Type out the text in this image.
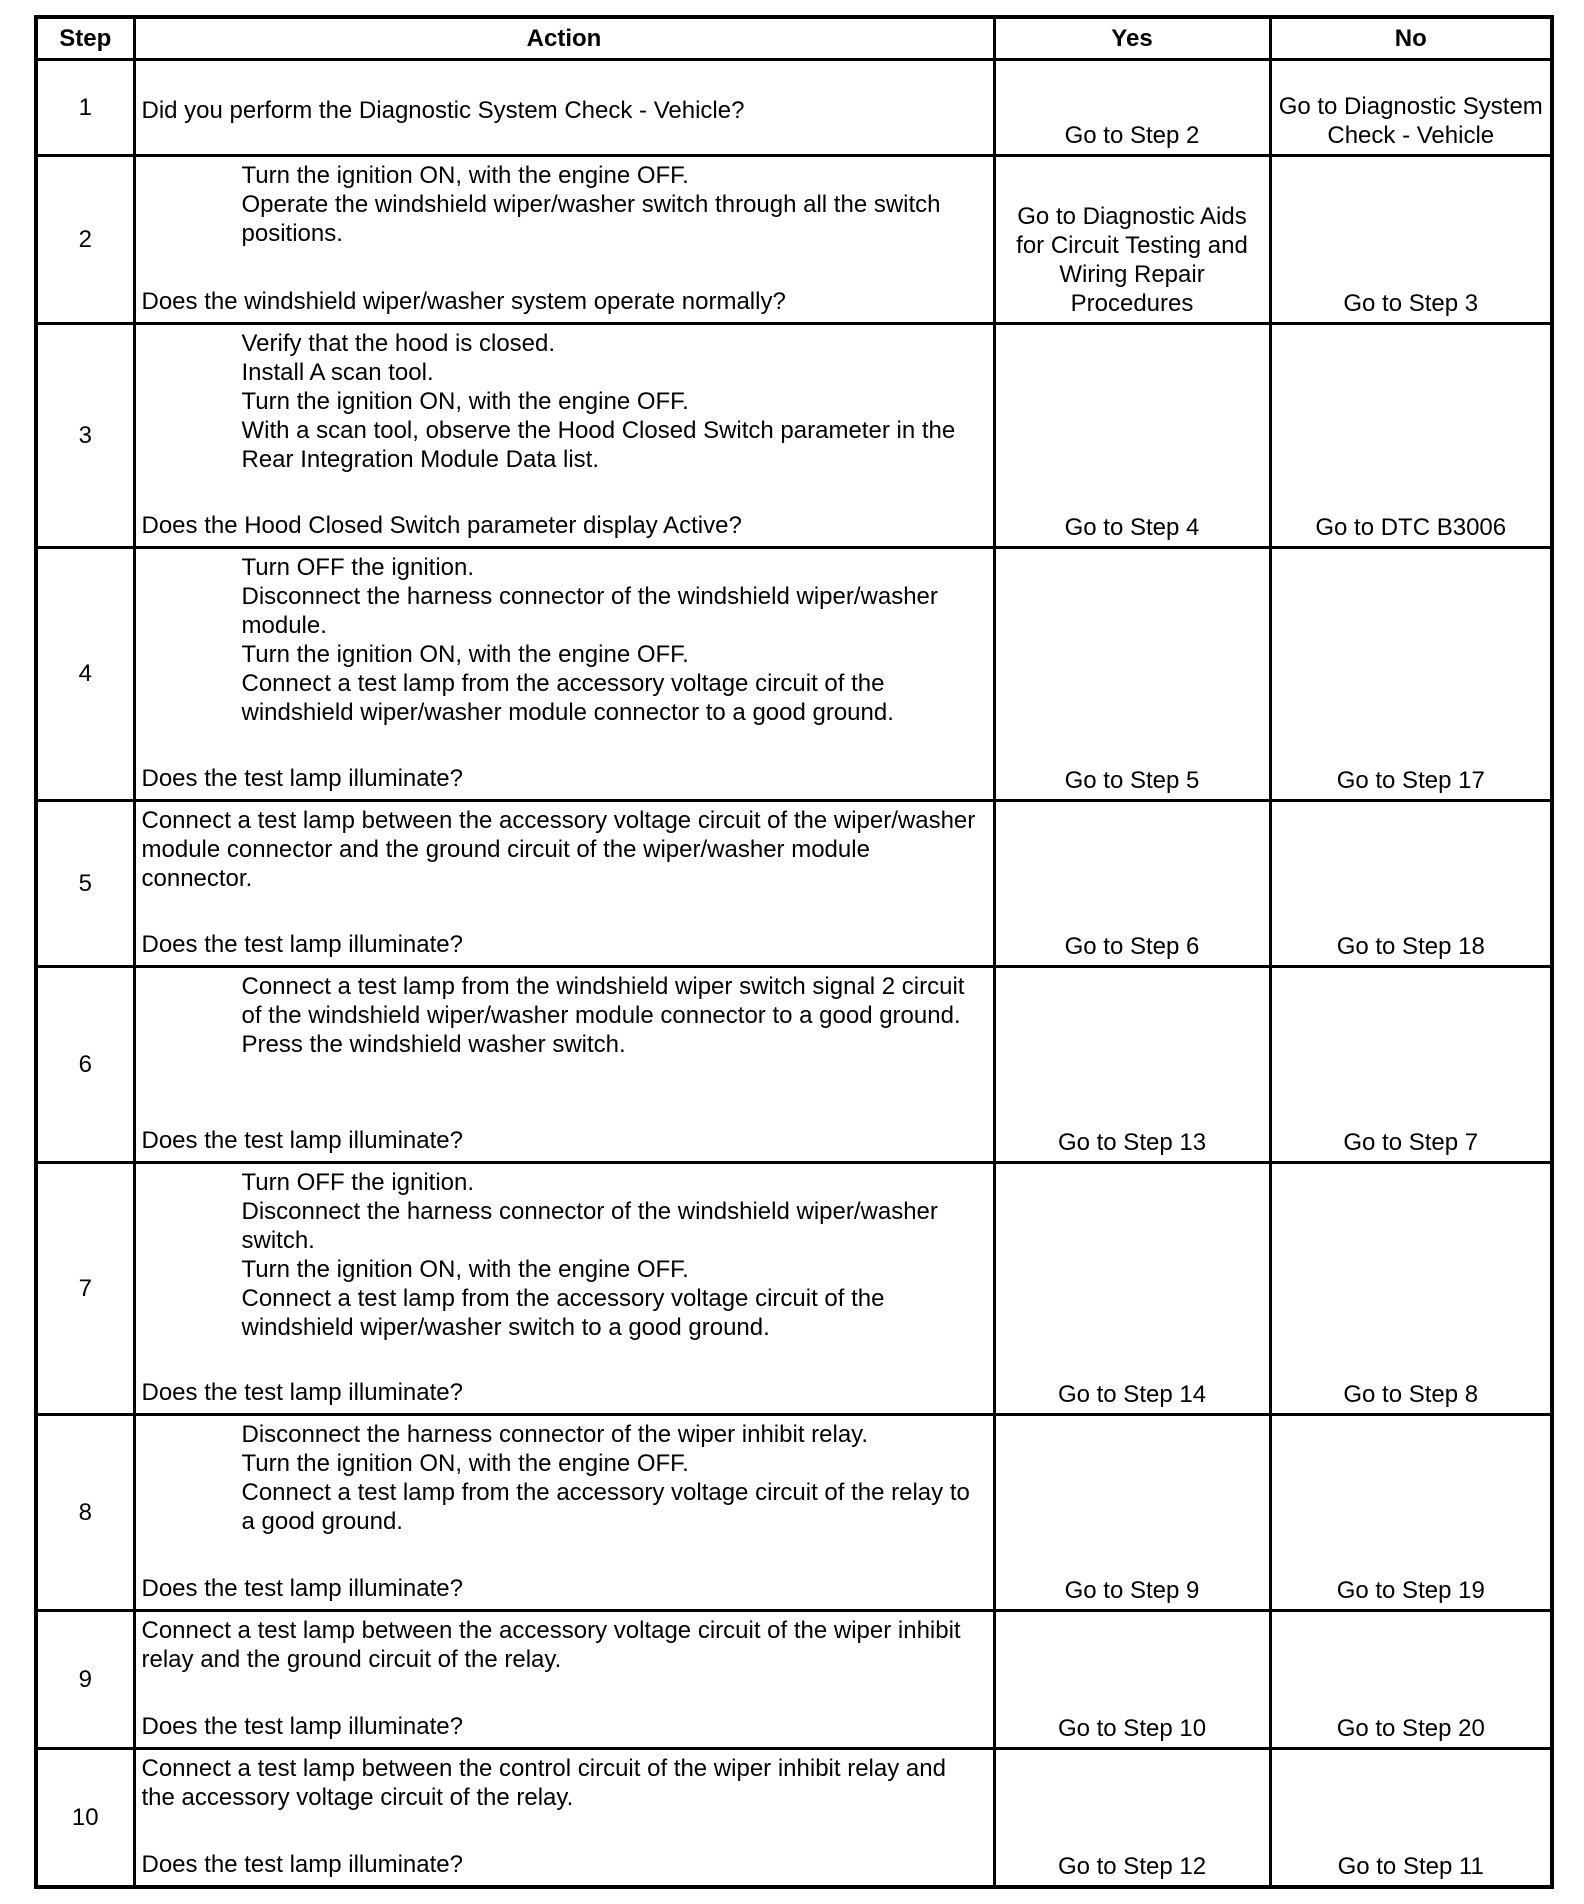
Step	Action	Yes	No
1	Did you perform the Diagnostic System Check - Vehicle?	Go to Step 2	Go to Diagnostic System Check - Vehicle
2	Turn the ignition ON, with the engine OFF.

Operate the windshield wiper/washer switch through all the switch positions.

Does the windshield wiper/washer system operate normally?	Go to Diagnostic Aids for Circuit Testing and Wiring Repair Procedures	Go to Step 3
3	Verify that the hood is closed.

Install A scan tool.

Turn the ignition ON, with the engine OFF.

With a scan tool, observe the Hood Closed Switch parameter in the Rear Integration Module Data list.

Does the Hood Closed Switch parameter display Active?	Go to Step 4	Go to DTC B3006
4	Turn OFF the ignition.

Disconnect the harness connector of the windshield wiper/washer module.

Turn the ignition ON, with the engine OFF.

Connect a test lamp from the accessory voltage circuit of the windshield wiper/washer module connector to a good ground.

Does the test lamp illuminate?	Go to Step 5	Go to Step 17
5	Connect a test lamp between the accessory voltage circuit of the wiper/washer module connector and the ground circuit of the wiper/washer module connector.

Does the test lamp illuminate?	Go to Step 6	Go to Step 18
6	Connect a test lamp from the windshield wiper switch signal 2 circuit of the windshield wiper/washer module connector to a good ground.

Press the windshield washer switch.

Does the test lamp illuminate?	Go to Step 13	Go to Step 7
7	Turn OFF the ignition.

Disconnect the harness connector of the windshield wiper/washer switch.

Turn the ignition ON, with the engine OFF.

Connect a test lamp from the accessory voltage circuit of the windshield wiper/washer switch to a good ground.

Does the test lamp illuminate?	Go to Step 14	Go to Step 8
8	Disconnect the harness connector of the wiper inhibit relay.

Turn the ignition ON, with the engine OFF.

Connect a test lamp from the accessory voltage circuit of the relay to a good ground.

Does the test lamp illuminate?	Go to Step 9	Go to Step 19
9	Connect a test lamp between the accessory voltage circuit of the wiper inhibit relay and the ground circuit of the relay.

Does the test lamp illuminate?	Go to Step 10	Go to Step 20
10	Connect a test lamp between the control circuit of the wiper inhibit relay and the accessory voltage circuit of the relay.

Does the test lamp illuminate?	Go to Step 12	Go to Step 11
